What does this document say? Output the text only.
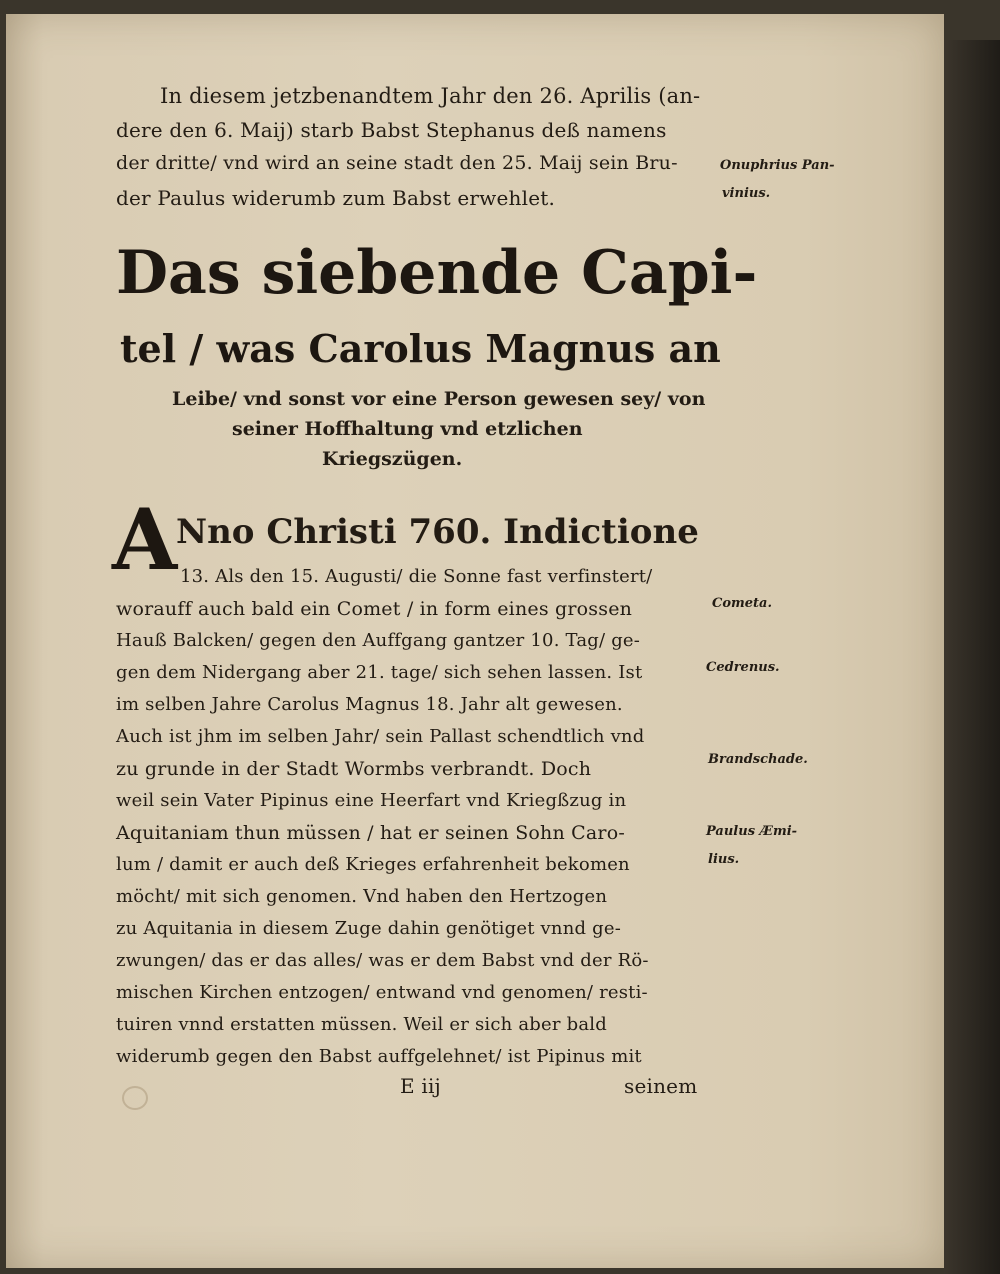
In diesem jetzbenandtem Jahr den 26. Aprilis (an-
dere den 6. Maij) starb Babst Stephanus deß namens
der dritte/ vnd wird an seine stadt den 25. Maij sein Bru-
der Paulus widerumb zum Babst erwehlet.
Onuphrius Pan-
vinius.
Das siebende Capi-
tel / was Carolus Magnus an
Leibe/ vnd sonst vor eine Person gewesen sey/ von
seiner Hoffhaltung vnd etzlichen
Kriegszügen.
A
Nno Christi 760. Indictione
13. Als den 15. Augusti/ die Sonne fast verfinstert/
worauff auch bald ein Comet / in form eines grossen
Hauß Balcken/ gegen den Auffgang gantzer 10. Tag/ ge-
gen dem Nidergang aber 21. tage/ sich sehen lassen. Ist
im selben Jahre Carolus Magnus 18. Jahr alt gewesen.
Auch ist jhm im selben Jahr/ sein Pallast schendtlich vnd
zu grunde in der Stadt Wormbs verbrandt. Doch
weil sein Vater Pipinus eine Heerfart vnd Kriegßzug in
Aquitaniam thun müssen / hat er seinen Sohn Caro-
lum / damit er auch deß Krieges erfahrenheit bekomen
möcht/ mit sich genomen. Vnd haben den Hertzogen
zu Aquitania in diesem Zuge dahin genötiget vnnd ge-
zwungen/ das er das alles/ was er dem Babst vnd der Rö-
mischen Kirchen entzogen/ entwand vnd genomen/ resti-
tuiren vnnd erstatten müssen. Weil er sich aber bald
widerumb gegen den Babst auffgelehnet/ ist Pipinus mit
Cometa.
Cedrenus.
Brandschade.
Paulus Æmi-
lius.
E iij	seinem
